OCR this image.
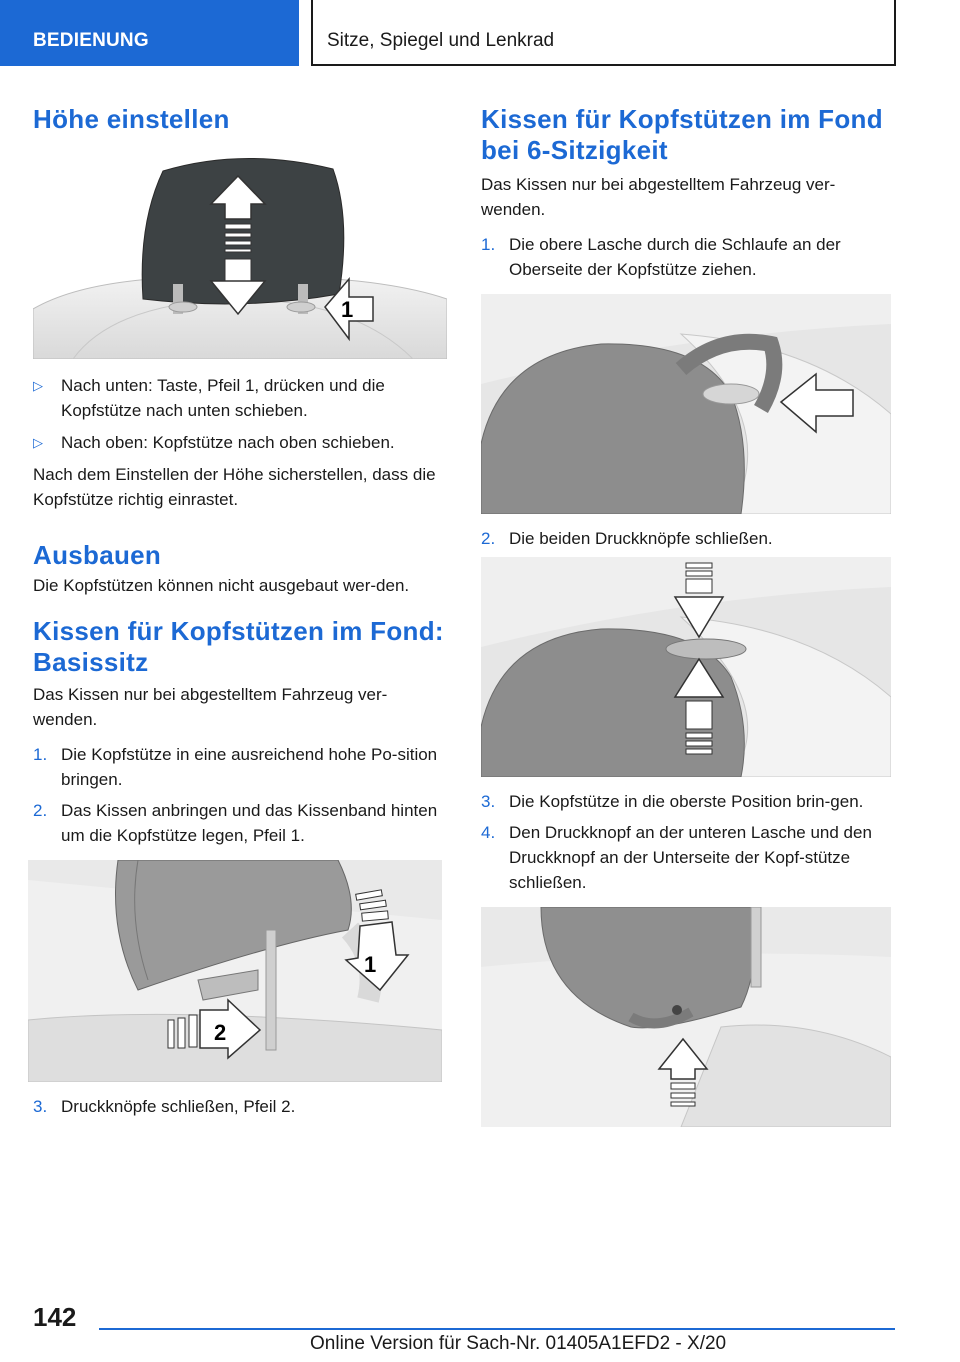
BEDIENUNG	Sitze, Spiegel und Lenkrad
Höhe einstellen
1
▷ Nach unten: Taste, Pfeil 1, drücken und die Kopfstütze nach unten schieben.
▷ Nach oben: Kopfstütze nach oben schieben.

Nach dem Einstellen der Höhe sicherstellen, dass die Kopfstütze richtig einrastet.

Ausbauen

Die Kopfstützen können nicht ausgebaut wer-den.

Kissen für Kopfstützen im Fond: Basissitz

Das Kissen nur bei abgestelltem Fahrzeug ver-wenden.

1. Die Kopfstütze in eine ausreichend hohe Po-sition bringen.
2. Das Kissen anbringen und das Kissenband hinten um die Kopfstütze legen, Pfeil 1.
1
2
3. Druckknöpfe schließen, Pfeil 2.
Kissen für Kopfstützen im Fond bei 6-Sitzigkeit

Das Kissen nur bei abgestelltem Fahrzeug ver-wenden.

1. Die obere Lasche durch die Schlaufe an der Oberseite der Kopfstütze ziehen.
2. Die beiden Druckknöpfe schließen.
3. Die Kopfstütze in die oberste Position brin-gen.
4. Den Druckknopf an der unteren Lasche und den Druckknopf an der Unterseite der Kopf-stütze schließen.
142
Online Version für Sach-Nr. 01405A1EFD2 - X/20
